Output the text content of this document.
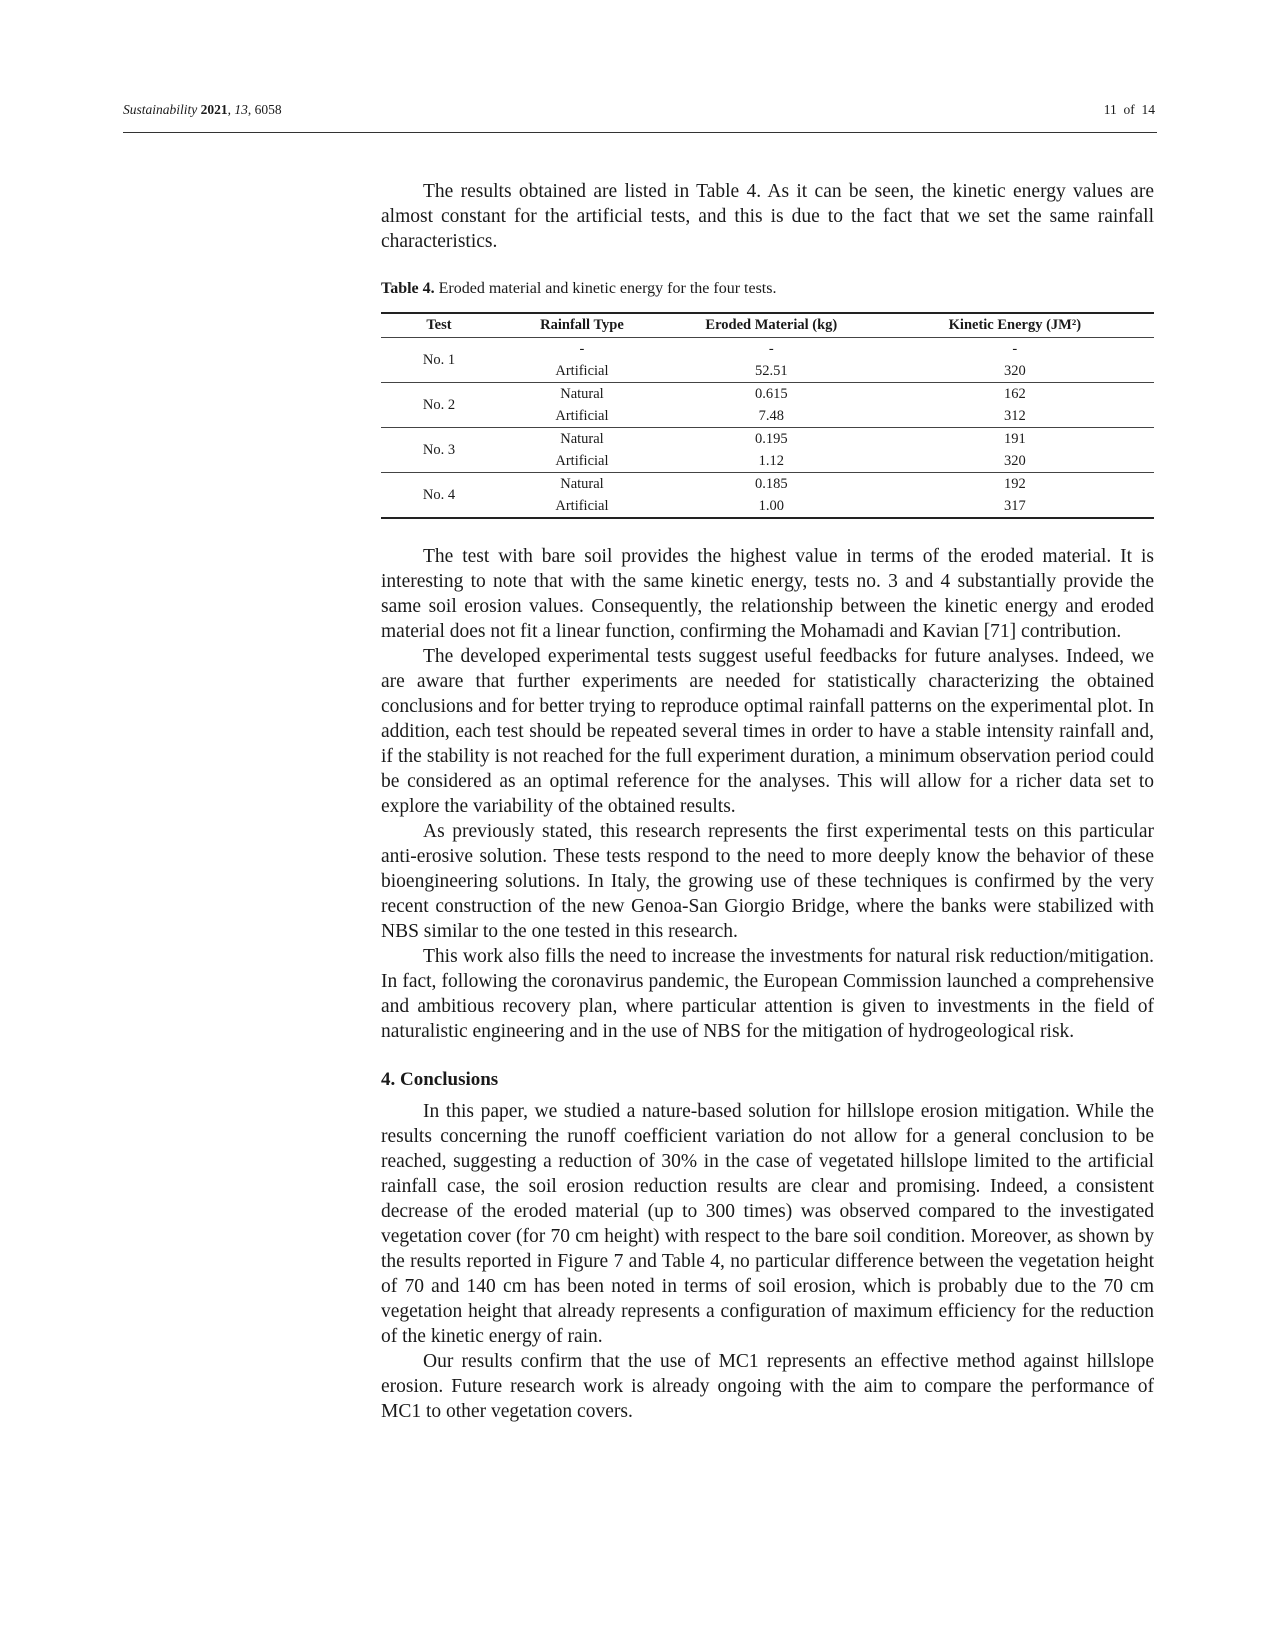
Sustainability 2021, 13, 6058	11 of 14

The results obtained are listed in Table 4. As it can be seen, the kinetic energy values are almost constant for the artificial tests, and this is due to the fact that we set the same rainfall characteristics.

Table 4. Eroded material and kinetic energy for the four tests.
Test	Rainfall Type	Eroded Material (kg)	Kinetic Energy (JM²)
No. 1	-	-	-
	Artificial	52.51	320
No. 2	Natural	0.615	162
	Artificial	7.48	312
No. 3	Natural	0.195	191
	Artificial	1.12	320
No. 4	Natural	0.185	192
	Artificial	1.00	317

The test with bare soil provides the highest value in terms of the eroded material. It is interesting to note that with the same kinetic energy, tests no. 3 and 4 substantially provide the same soil erosion values. Consequently, the relationship between the kinetic energy and eroded material does not fit a linear function, confirming the Mohamadi and Kavian [71] contribution.

The developed experimental tests suggest useful feedbacks for future analyses. Indeed, we are aware that further experiments are needed for statistically characterizing the obtained conclusions and for better trying to reproduce optimal rainfall patterns on the experimental plot. In addition, each test should be repeated several times in order to have a stable intensity rainfall and, if the stability is not reached for the full experiment duration, a minimum observation period could be considered as an optimal reference for the analyses. This will allow for a richer data set to explore the variability of the obtained results.

As previously stated, this research represents the first experimental tests on this particular anti-erosive solution. These tests respond to the need to more deeply know the behavior of these bioengineering solutions. In Italy, the growing use of these techniques is confirmed by the very recent construction of the new Genoa-San Giorgio Bridge, where the banks were stabilized with NBS similar to the one tested in this research.

This work also fills the need to increase the investments for natural risk reduction/mitigation. In fact, following the coronavirus pandemic, the European Commission launched a comprehensive and ambitious recovery plan, where particular attention is given to investments in the field of naturalistic engineering and in the use of NBS for the mitigation of hydrogeological risk.

4. Conclusions

In this paper, we studied a nature-based solution for hillslope erosion mitigation. While the results concerning the runoff coefficient variation do not allow for a general conclusion to be reached, suggesting a reduction of 30% in the case of vegetated hillslope limited to the artificial rainfall case, the soil erosion reduction results are clear and promising. Indeed, a consistent decrease of the eroded material (up to 300 times) was observed compared to the investigated vegetation cover (for 70 cm height) with respect to the bare soil condition. Moreover, as shown by the results reported in Figure 7 and Table 4, no particular difference between the vegetation height of 70 and 140 cm has been noted in terms of soil erosion, which is probably due to the 70 cm vegetation height that already represents a configuration of maximum efficiency for the reduction of the kinetic energy of rain.

Our results confirm that the use of MC1 represents an effective method against hillslope erosion. Future research work is already ongoing with the aim to compare the performance of MC1 to other vegetation covers.
